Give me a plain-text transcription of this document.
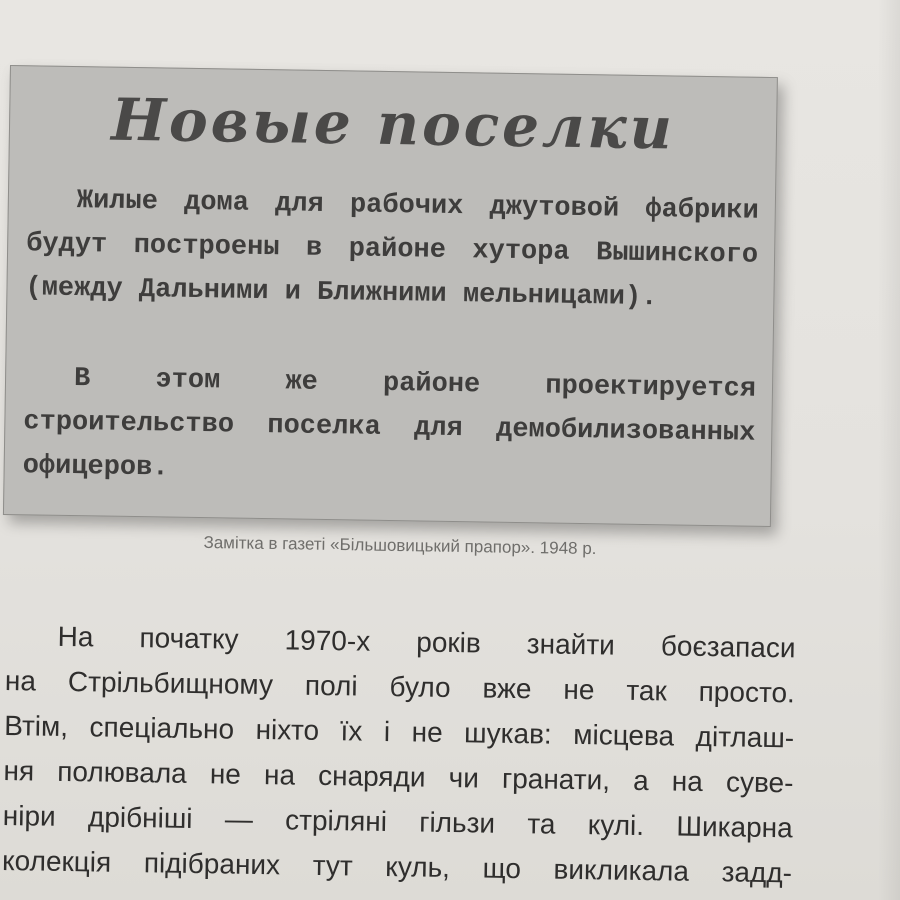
Новые поселки

Жилые дома для рабочих джутовой фабрики будут построены в районе хутора Вышинского (между Дальними и Ближними мельницами).

В этом же районе проектируется строительство поселка для демобилизованных офицеров.

Замітка в газеті «Більшовицький прапор». 1948 р.
На початку 1970-х років знайти боєзапаси
на Стрільбищному полі було вже не так просто.
Втім, спеціально ніхто їх і не шукав: місцева дітлаш-
ня полювала не на снаряди чи гранати, а на суве-
ніри дрібніші — стріляні гільзи та кулі. Шикарна
колекція підібраних тут куль, що викликала задд-
